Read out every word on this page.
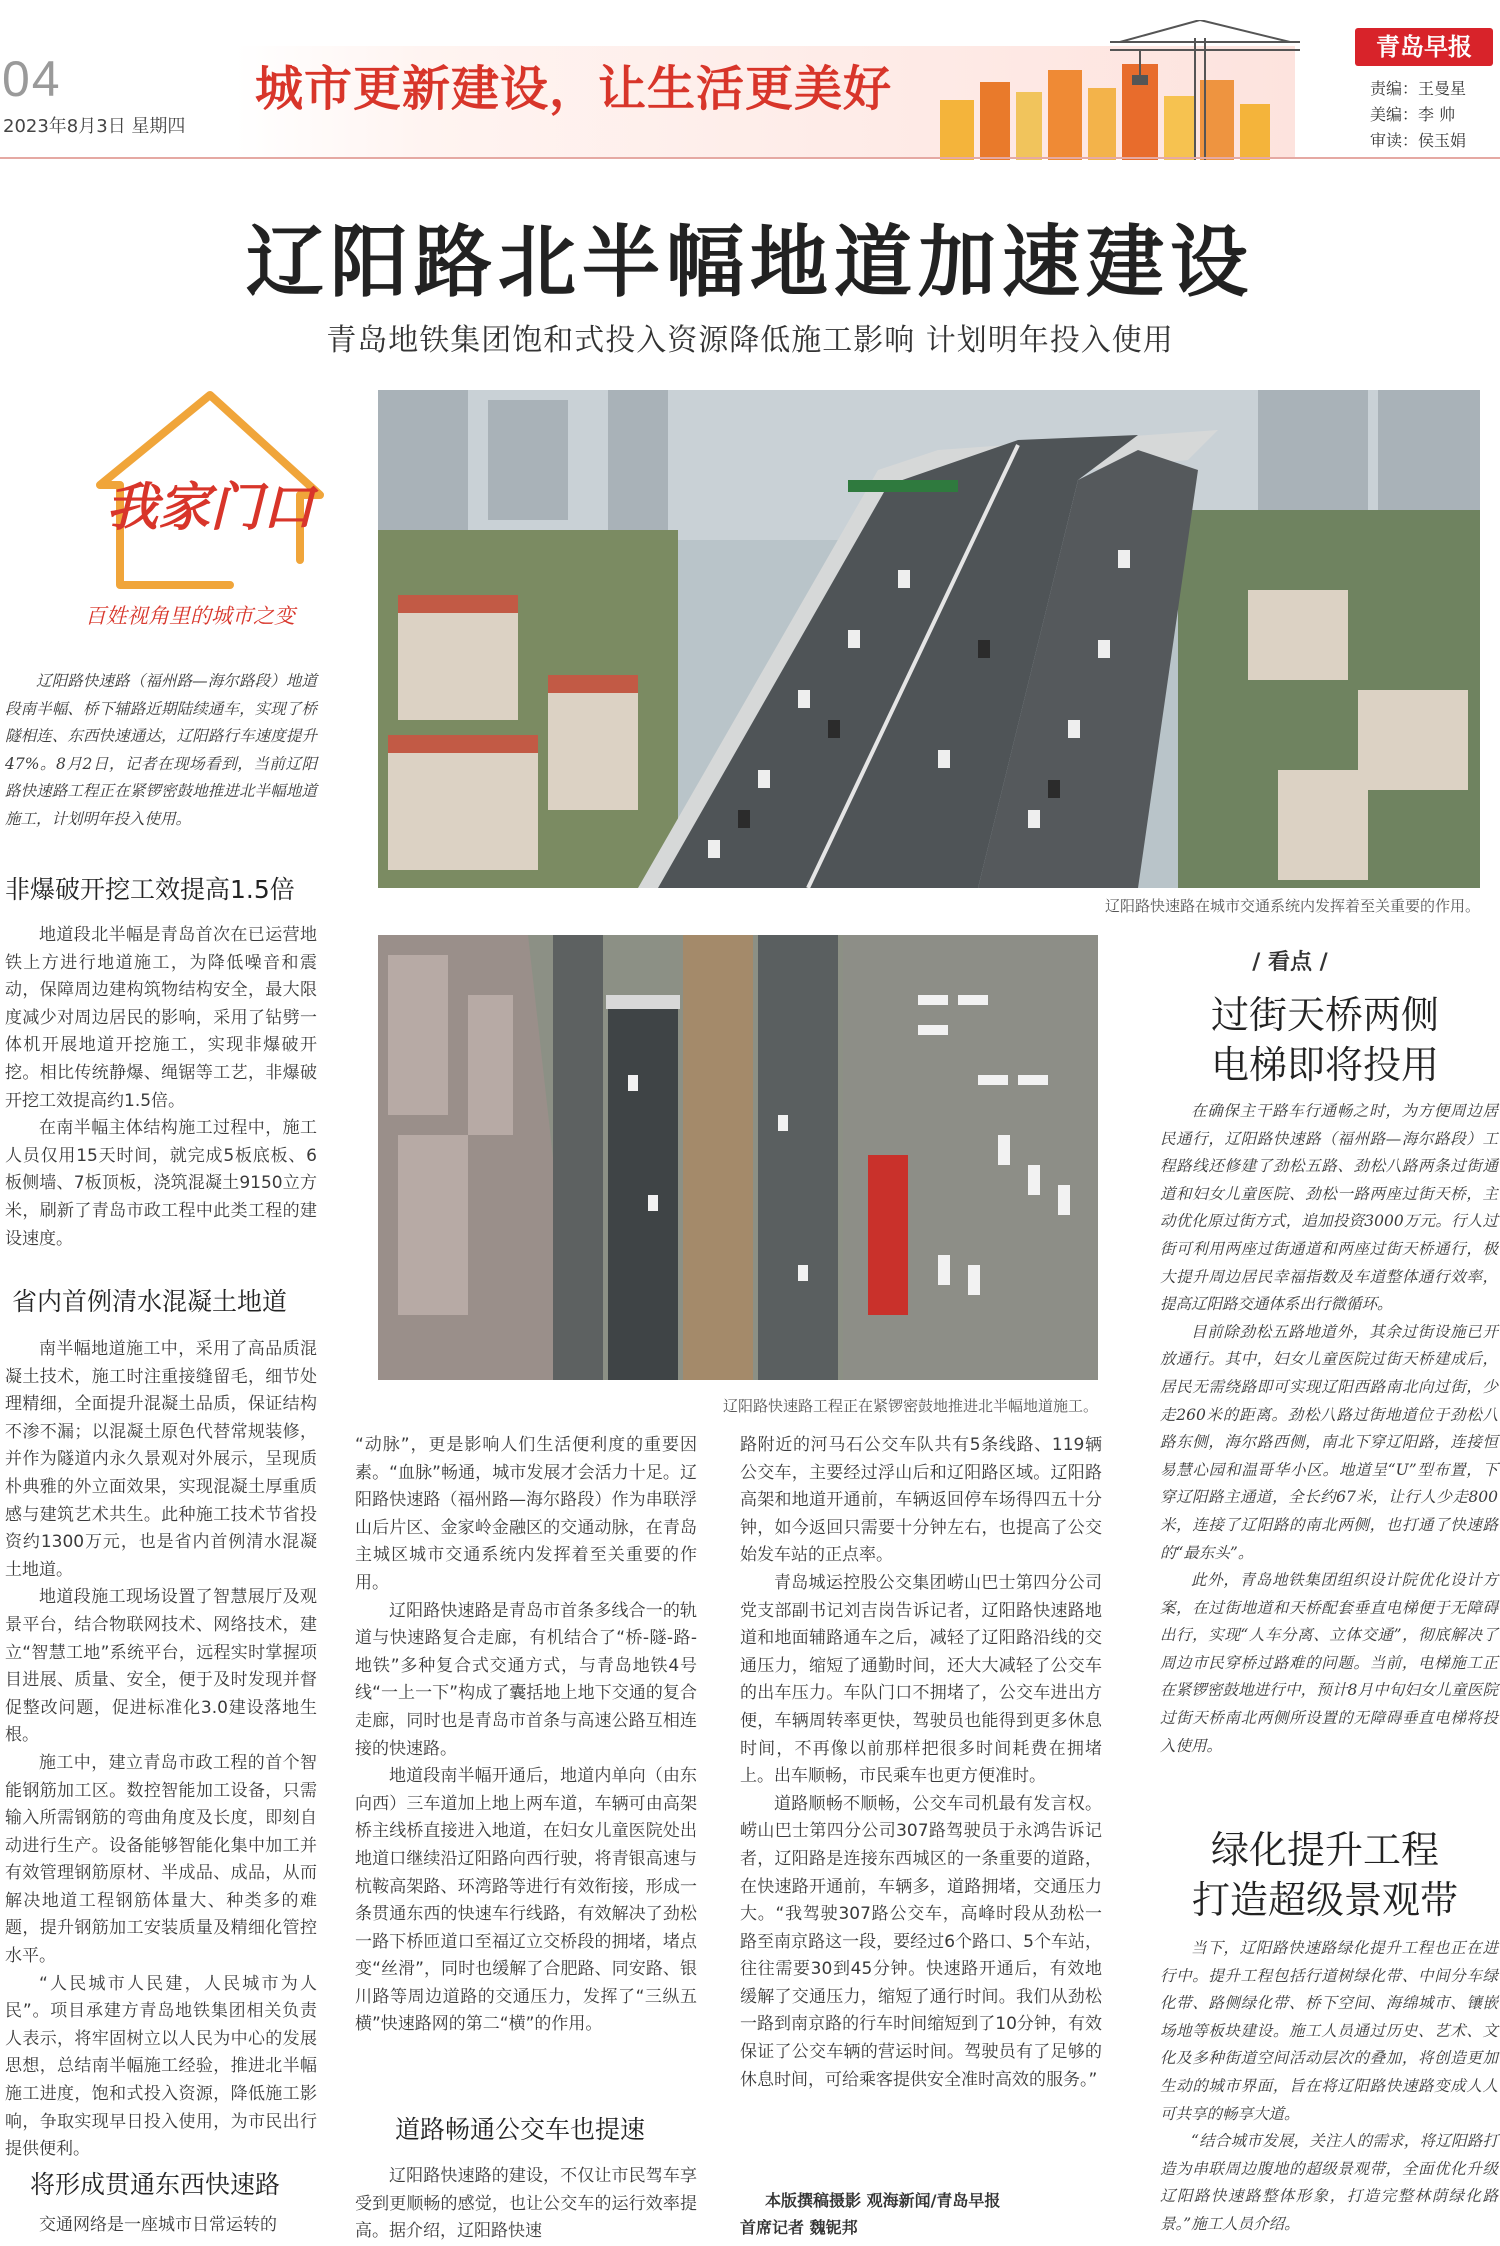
04
2023年8月3日 星期四
城市更新建设，让生活更美好
青岛早报
责编：王曼星
美编：李 帅
审读：侯玉娟
辽阳路北半幅地道加速建设
青岛地铁集团饱和式投入资源降低施工影响 计划明年投入使用
我家门口
百姓视角里的城市之变

辽阳路快速路（福州路—海尔路段）地道段南半幅、桥下辅路近期陆续通车，实现了桥隧相连、东西快速通达，辽阳路行车速度提升47%。8月2日，记者在现场看到，当前辽阳路快速路工程正在紧锣密鼓地推进北半幅地道施工，计划明年投入使用。

非爆破开挖工效提高1.5倍

地道段北半幅是青岛首次在已运营地铁上方进行地道施工，为降低噪音和震动，保障周边建构筑物结构安全，最大限度减少对周边居民的影响，采用了钻劈一体机开展地道开挖施工，实现非爆破开挖。相比传统静爆、绳锯等工艺，非爆破开挖工效提高约1.5倍。

在南半幅主体结构施工过程中，施工人员仅用15天时间，就完成5板底板、6板侧墙、7板顶板，浇筑混凝土9150立方米，刷新了青岛市政工程中此类工程的建设速度。

省内首例清水混凝土地道

南半幅地道施工中，采用了高品质混凝土技术，施工时注重接缝留毛，细节处理精细，全面提升混凝土品质，保证结构不渗不漏；以混凝土原色代替常规装修，并作为隧道内永久景观对外展示，呈现质朴典雅的外立面效果，实现混凝土厚重质感与建筑艺术共生。此种施工技术节省投资约1300万元，也是省内首例清水混凝土地道。

地道段施工现场设置了智慧展厅及观景平台，结合物联网技术、网络技术，建立“智慧工地”系统平台，远程实时掌握项目进展、质量、安全，便于及时发现并督促整改问题，促进标准化3.0建设落地生根。

施工中，建立青岛市政工程的首个智能钢筋加工区。数控智能加工设备，只需输入所需钢筋的弯曲角度及长度，即刻自动进行生产。设备能够智能化集中加工并有效管理钢筋原材、半成品、成品，从而解决地道工程钢筋体量大、种类多的难题，提升钢筋加工安装质量及精细化管控水平。

“人民城市人民建，人民城市为人民”。项目承建方青岛地铁集团相关负责人表示，将牢固树立以人民为中心的发展思想，总结南半幅施工经验，推进北半幅施工进度，饱和式投入资源，降低施工影响，争取实现早日投入使用，为市民出行提供便利。

将形成贯通东西快速路

交通网络是一座城市日常运转的

辽阳路快速路在城市交通系统内发挥着至关重要的作用。
辽阳路快速路工程正在紧锣密鼓地推进北半幅地道施工。

“动脉”，更是影响人们生活便利度的重要因素。“血脉”畅通，城市发展才会活力十足。辽阳路快速路（福州路—海尔路段）作为串联浮山后片区、金家岭金融区的交通动脉，在青岛主城区城市交通系统内发挥着至关重要的作用。

辽阳路快速路是青岛市首条多线合一的轨道与快速路复合走廊，有机结合了“桥-隧-路-地铁”多种复合式交通方式，与青岛地铁4号线“一上一下”构成了囊括地上地下交通的复合走廊，同时也是青岛市首条与高速公路互相连接的快速路。

地道段南半幅开通后，地道内单向（由东向西）三车道加上地上两车道，车辆可由高架桥主线桥直接进入地道，在妇女儿童医院处出地道口继续沿辽阳路向西行驶，将青银高速与杭鞍高架路、环湾路等进行有效衔接，形成一条贯通东西的快速车行线路，有效解决了劲松一路下桥匝道口至福辽立交桥段的拥堵，堵点变“丝滑”，同时也缓解了合肥路、同安路、银川路等周边道路的交通压力，发挥了“三纵五横”快速路网的第二“横”的作用。

道路畅通公交车也提速

辽阳路快速路的建设，不仅让市民驾车享受到更顺畅的感觉，也让公交车的运行效率提高。据介绍，辽阳路快速

路附近的河马石公交车队共有5条线路、119辆公交车，主要经过浮山后和辽阳路区域。辽阳路高架和地道开通前，车辆返回停车场得四五十分钟，如今返回只需要十分钟左右，也提高了公交始发车站的正点率。

青岛城运控股公交集团崂山巴士第四分公司党支部副书记刘吉岗告诉记者，辽阳路快速路地道和地面辅路通车之后，减轻了辽阳路沿线的交通压力，缩短了通勤时间，还大大减轻了公交车的出车压力。车队门口不拥堵了，公交车进出方便，车辆周转率更快，驾驶员也能得到更多休息时间，不再像以前那样把很多时间耗费在拥堵上。出车顺畅，市民乘车也更方便准时。

道路顺畅不顺畅，公交车司机最有发言权。崂山巴士第四分公司307路驾驶员于永鸿告诉记者，辽阳路是连接东西城区的一条重要的道路，在快速路开通前，车辆多，道路拥堵，交通压力大。“我驾驶307路公交车，高峰时段从劲松一路至南京路这一段，要经过6个路口、5个车站，往往需要30到45分钟。快速路开通后，有效地缓解了交通压力，缩短了通行时间。我们从劲松一路到南京路的行车时间缩短到了10分钟，有效保证了公交车辆的营运时间。驾驶员有了足够的休息时间，可给乘客提供安全准时高效的服务。”

本版撰稿摄影 观海新闻/青岛早报
首席记者 魏铌邦
/ 看点 /
过街天桥两侧
电梯即将投用

在确保主干路车行通畅之时，为方便周边居民通行，辽阳路快速路（福州路—海尔路段）工程路线还修建了劲松五路、劲松八路两条过街通道和妇女儿童医院、劲松一路两座过街天桥，主动优化原过街方式，追加投资3000万元。行人过街可利用两座过街通道和两座过街天桥通行，极大提升周边居民幸福指数及车道整体通行效率，提高辽阳路交通体系出行微循环。

目前除劲松五路地道外，其余过街设施已开放通行。其中，妇女儿童医院过街天桥建成后，居民无需绕路即可实现辽阳西路南北向过街，少走260米的距离。劲松八路过街地道位于劲松八路东侧，海尔路西侧，南北下穿辽阳路，连接恒易慧心园和温哥华小区。地道呈“U”型布置，下穿辽阳路主通道，全长约67米，让行人少走800米，连接了辽阳路的南北两侧，也打通了快速路的“最东头”。

此外，青岛地铁集团组织设计院优化设计方案，在过街地道和天桥配套垂直电梯便于无障碍出行，实现“人车分离、立体交通”，彻底解决了周边市民穿桥过路难的问题。当前，电梯施工正在紧锣密鼓地进行中，预计8月中旬妇女儿童医院过街天桥南北两侧所设置的无障碍垂直电梯将投入使用。

绿化提升工程
打造超级景观带

当下，辽阳路快速路绿化提升工程也正在进行中。提升工程包括行道树绿化带、中间分车绿化带、路侧绿化带、桥下空间、海绵城市、镶嵌场地等板块建设。施工人员通过历史、艺术、文化及多种街道空间活动层次的叠加，将创造更加生动的城市界面，旨在将辽阳路快速路变成人人可共享的畅享大道。

“结合城市发展，关注人的需求，将辽阳路打造为串联周边腹地的超级景观带，全面优化升级辽阳路快速路整体形象，打造完整林荫绿化路景。”施工人员介绍。
